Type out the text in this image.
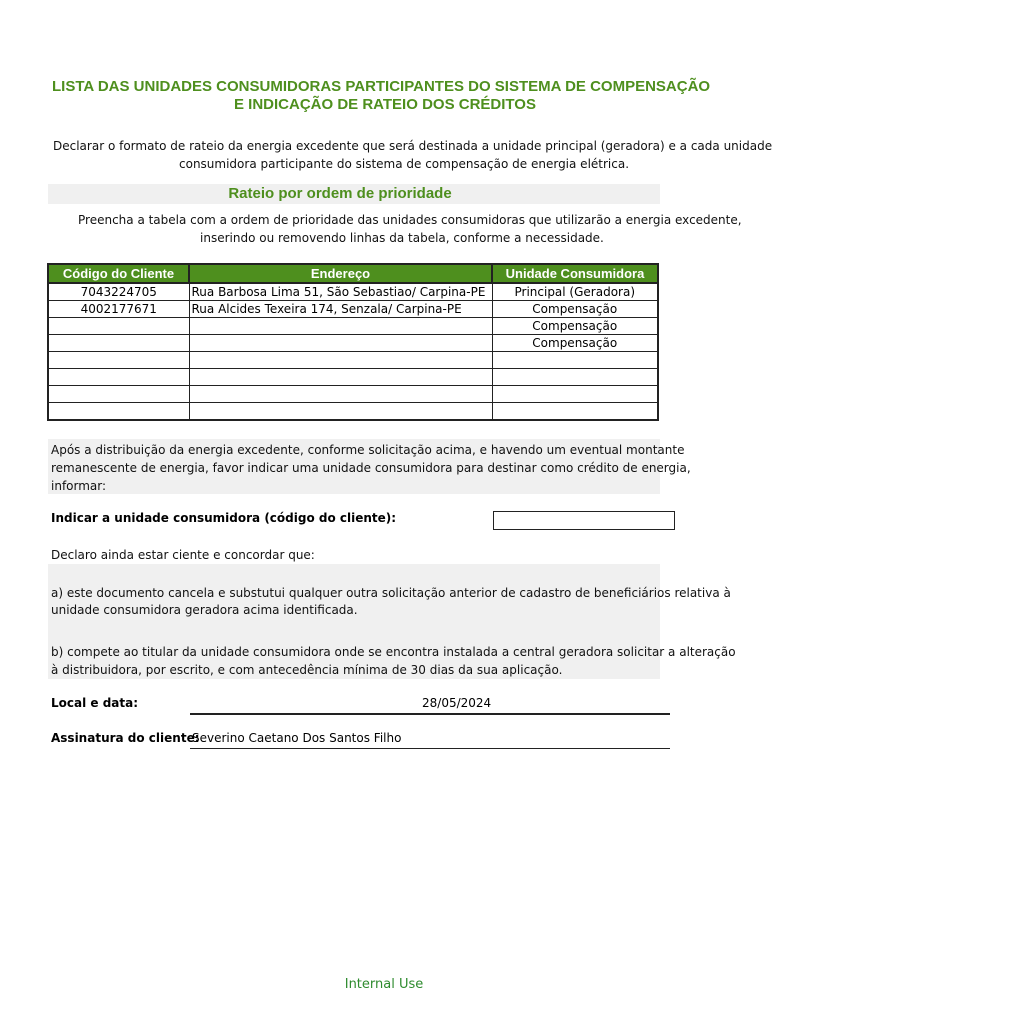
LISTA DAS UNIDADES CONSUMIDORAS PARTICIPANTES DO SISTEMA DE COMPENSAÇÃO
E INDICAÇÃO DE RATEIO DOS CRÉDITOS
Declarar o formato de rateio da energia excedente que será destinada a unidade principal (geradora) e a cada unidade
consumidora participante do sistema de compensação de energia elétrica.
Rateio por ordem de prioridade
Preencha a tabela com a ordem de prioridade das unidades consumidoras que utilizarão a energia excedente,
inserindo ou removendo linhas da tabela, conforme a necessidade.
Código do Cliente	Endereço	Unidade Consumidora
7043224705	Rua Barbosa Lima 51, São Sebastiao/ Carpina-PE	Principal (Geradora)
4002177671	Rua Alcides Texeira 174, Senzala/ Carpina-PE	Compensação
		Compensação
		Compensação

Após a distribuição da energia excedente, conforme solicitação acima, e havendo um eventual montante
remanescente de energia, favor indicar uma unidade consumidora para destinar como crédito de energia,
informar:
Indicar a unidade consumidora (código do cliente):
Declaro ainda estar ciente e concordar que:
a) este documento cancela e substutui qualquer outra solicitação anterior de cadastro de beneficiários relativa à
unidade consumidora geradora acima identificada.
b) compete ao titular da unidade consumidora onde se encontra instalada a central geradora solicitar a alteração
à distribuidora, por escrito, e com antecedência mínima de 30 dias da sua aplicação.
Local e data:	28/05/2024
Assinatura do cliente:
Severino Caetano Dos Santos Filho
Internal Use
